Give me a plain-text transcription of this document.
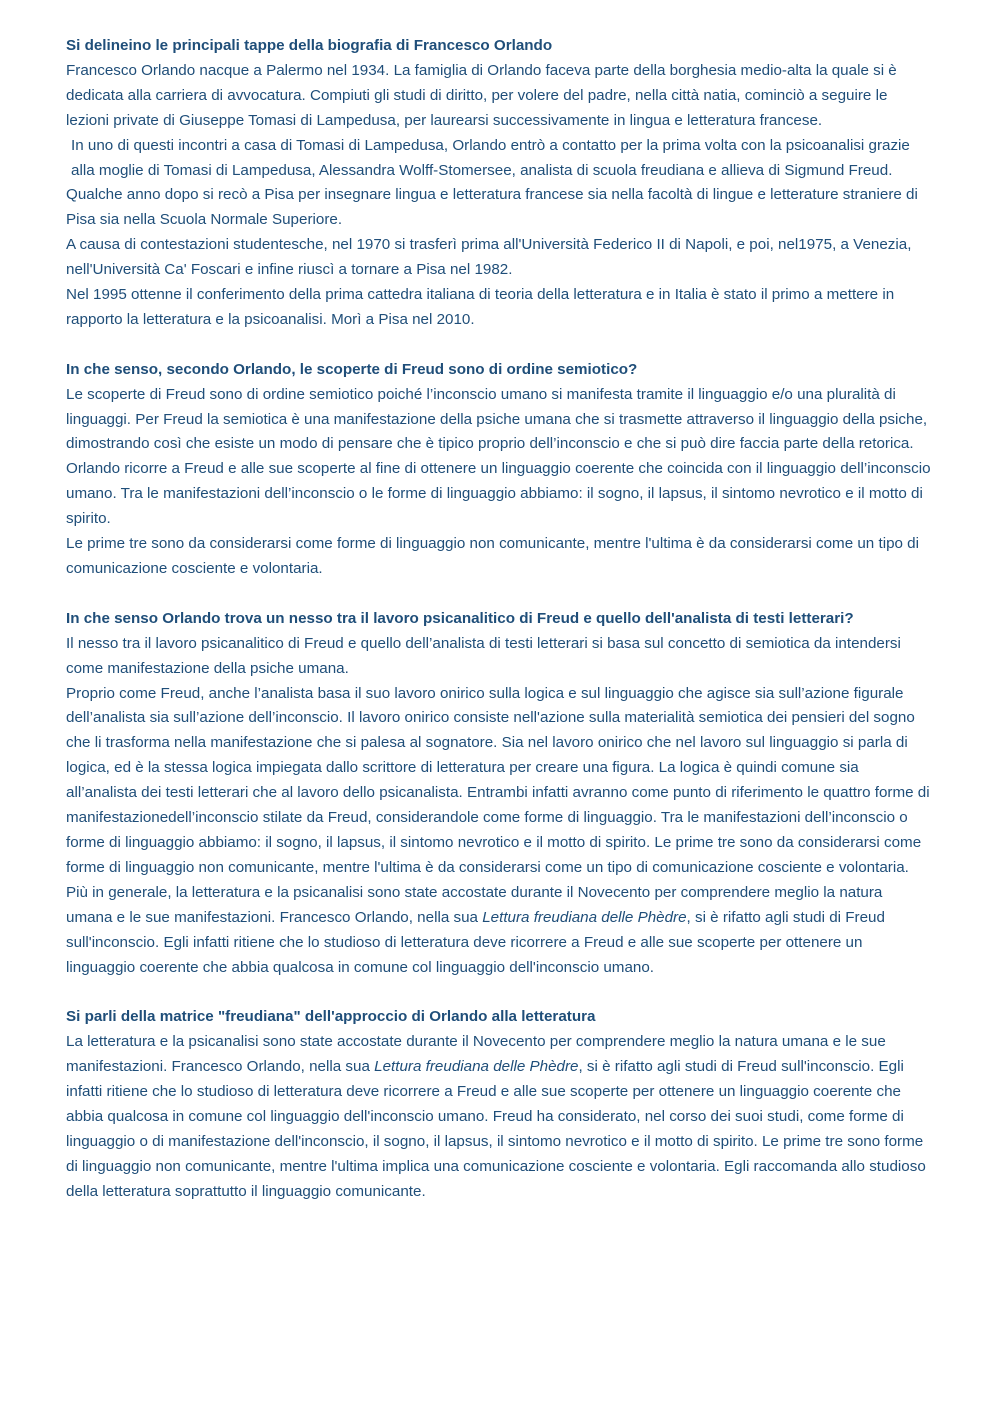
Si delineino le principali tappe della biografia di Francesco Orlando

Francesco Orlando nacque a Palermo nel 1934. La famiglia di Orlando faceva parte della borghesia medio-alta la quale si è dedicata alla carriera di avvocatura. Compiuti gli studi di diritto, per volere del padre, nella città natia, cominciò a seguire le lezioni private di Giuseppe Tomasi di Lampedusa, per laurearsi successivamente in lingua e letteratura francese.

In uno di questi incontri a casa di Tomasi di Lampedusa, Orlando entrò a contatto per la prima volta con la psicoanalisi grazie alla moglie di Tomasi di Lampedusa, Alessandra Wolff-Stomersee, analista di scuola freudiana e allieva di Sigmund Freud.

Qualche anno dopo si recò a Pisa per insegnare lingua e letteratura francese sia nella facoltà di lingue e letterature straniere di Pisa sia nella Scuola Normale Superiore.

A causa di contestazioni studentesche, nel 1970 si trasferì prima all'Università Federico II di Napoli, e poi, nel1975, a Venezia, nell'Università Ca' Foscari e infine riuscì a tornare a Pisa nel 1982.

Nel 1995 ottenne il conferimento della prima cattedra italiana di teoria della letteratura e in Italia è stato il primo a mettere in rapporto la letteratura e la psicoanalisi. Morì a Pisa nel 2010.

In che senso, secondo Orlando, le scoperte di Freud sono di ordine semiotico?

Le scoperte di Freud sono di ordine semiotico poiché l’inconscio umano si manifesta tramite il linguaggio e/o una pluralità di linguaggi. Per Freud la semiotica è una manifestazione della psiche umana che si trasmette attraverso il linguaggio della psiche, dimostrando così che esiste un modo di pensare che è tipico proprio dell’inconscio e che si può dire faccia parte della retorica. Orlando ricorre a Freud e alle sue scoperte al fine di ottenere un linguaggio coerente che coincida con il linguaggio dell’inconscio umano. Tra le manifestazioni dell’inconscio o le forme di linguaggio abbiamo: il sogno, il lapsus, il sintomo nevrotico e il motto di spirito.

Le prime tre sono da considerarsi come forme di linguaggio non comunicante, mentre l'ultima è da considerarsi come un tipo di comunicazione cosciente e volontaria.

In che senso Orlando trova un nesso tra il lavoro psicanalitico di Freud e quello dell'analista di testi letterari?

Il nesso tra il lavoro psicanalitico di Freud e quello dell’analista di testi letterari si basa sul concetto di semiotica da intendersi come manifestazione della psiche umana.

Proprio come Freud, anche l’analista basa il suo lavoro onirico sulla logica e sul linguaggio che agisce sia sull’azione figurale dell’analista sia sull’azione dell’inconscio. Il lavoro onirico consiste nell'azione sulla materialità semiotica dei pensieri del sogno che li trasforma nella manifestazione che si palesa al sognatore. Sia nel lavoro onirico che nel lavoro sul linguaggio si parla di logica, ed è la stessa logica impiegata dallo scrittore di letteratura per creare una figura. La logica è quindi comune sia all’analista dei testi letterari che al lavoro dello psicanalista. Entrambi infatti avranno come punto di riferimento le quattro forme di manifestazionedell’inconscio stilate da Freud, considerandole come forme di linguaggio. Tra le manifestazioni dell’inconscio o forme di linguaggio abbiamo: il sogno, il lapsus, il sintomo nevrotico e il motto di spirito. Le prime tre sono da considerarsi come forme di linguaggio non comunicante, mentre l'ultima è da considerarsi come un tipo di comunicazione cosciente e volontaria.

Più in generale, la letteratura e la psicanalisi sono state accostate durante il Novecento per comprendere meglio la natura umana e le sue manifestazioni. Francesco Orlando, nella sua Lettura freudiana delle Phèdre, si è rifatto agli studi di Freud sull'inconscio. Egli infatti ritiene che lo studioso di letteratura deve ricorrere a Freud e alle sue scoperte per ottenere un linguaggio coerente che abbia qualcosa in comune col linguaggio dell'inconscio umano.

Si parli della matrice "freudiana" dell'approccio di Orlando alla letteratura

La letteratura e la psicanalisi sono state accostate durante il Novecento per comprendere meglio la natura umana e le sue manifestazioni. Francesco Orlando, nella sua Lettura freudiana delle Phèdre, si è rifatto agli studi di Freud sull'inconscio. Egli infatti ritiene che lo studioso di letteratura deve ricorrere a Freud e alle sue scoperte per ottenere un linguaggio coerente che abbia qualcosa in comune col linguaggio dell'inconscio umano. Freud ha considerato, nel corso dei suoi studi, come forme di linguaggio o di manifestazione dell'inconscio, il sogno, il lapsus, il sintomo nevrotico e il motto di spirito. Le prime tre sono forme di linguaggio non comunicante, mentre l'ultima implica una comunicazione cosciente e volontaria. Egli raccomanda allo studioso della letteratura soprattutto il linguaggio comunicante.
